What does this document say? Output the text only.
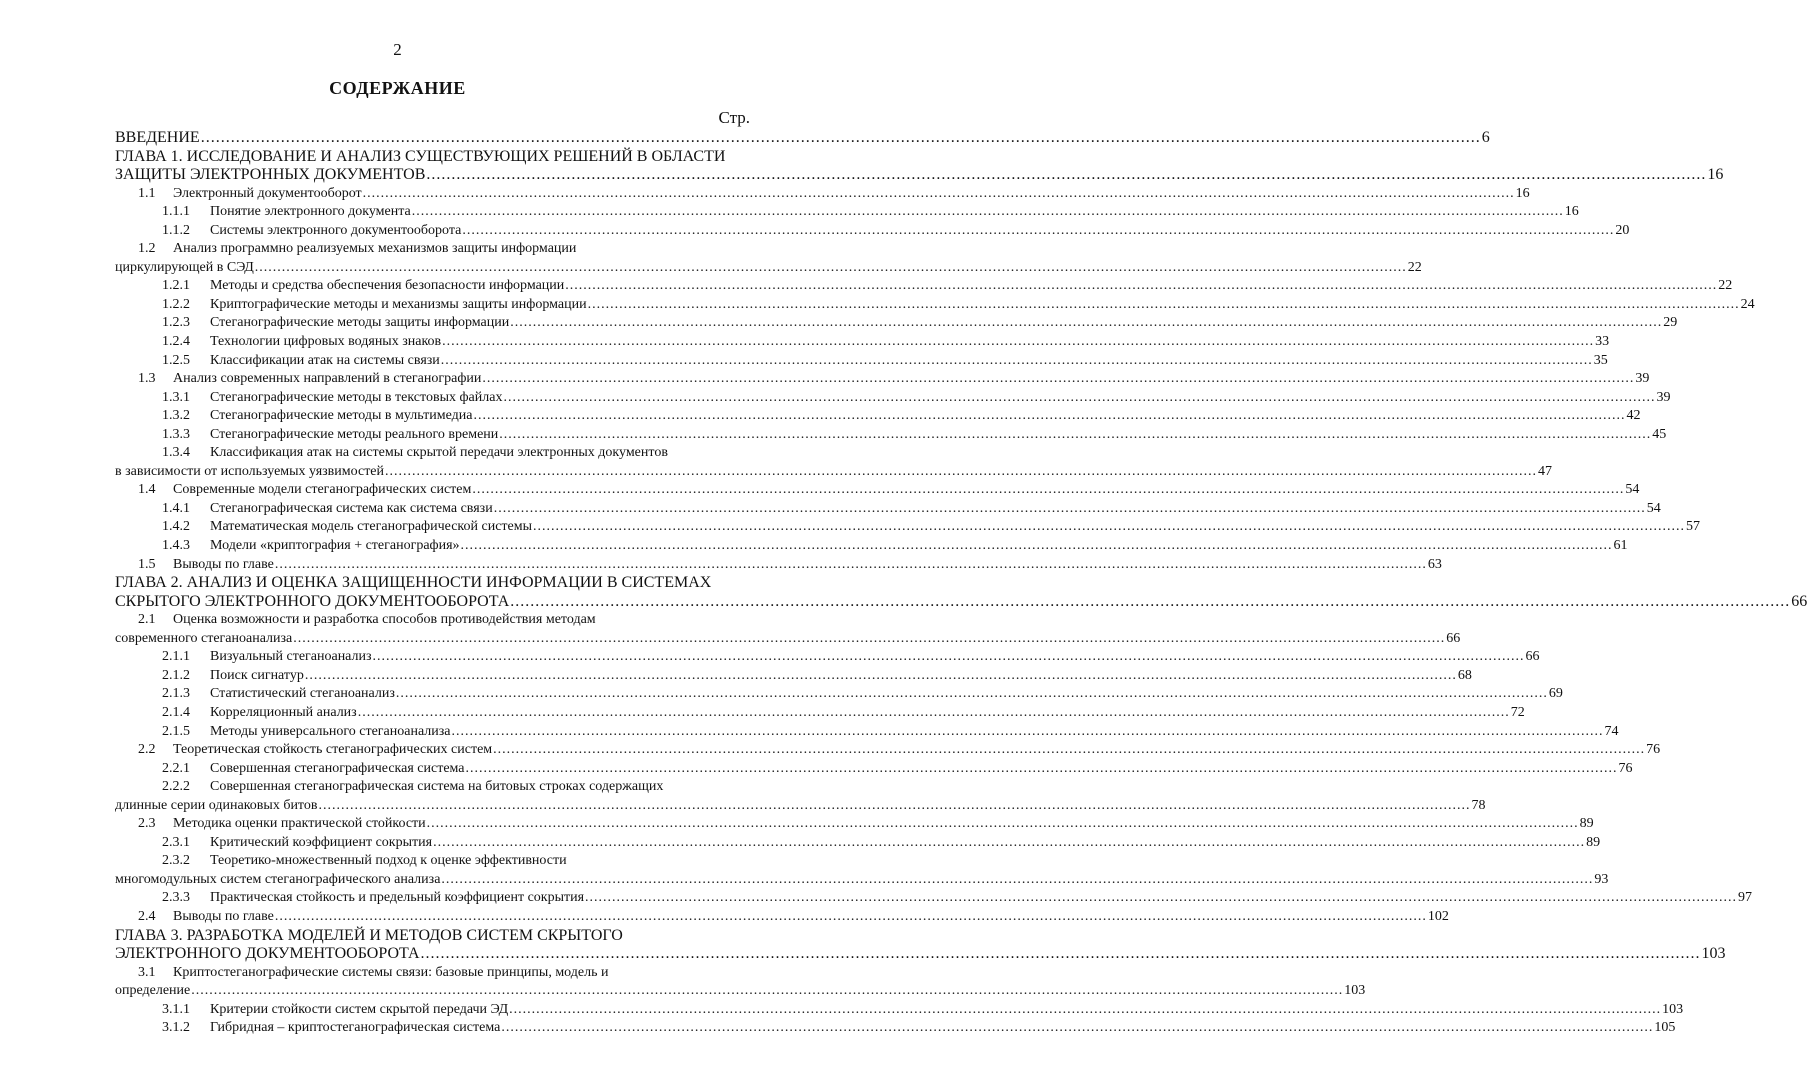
2
СОДЕРЖАНИЕ
Стр.
ВВЕДЕНИЕ .....	6
ГЛАВА 1. ИССЛЕДОВАНИЕ И АНАЛИЗ СУЩЕСТВУЮЩИХ РЕШЕНИЙ В ОБЛАСТИ
ЗАЩИТЫ ЭЛЕКТРОННЫХ ДОКУМЕНТОВ .....	16
1.1	Электронный документооборот .....	16
1.1.1	Понятие электронного документа .....	16
1.1.2	Системы электронного документооборота .....	20
1.2	Анализ программно реализуемых механизмов защиты информации
циркулирующей в СЭД .....	22
1.2.1	Методы и средства обеспечения безопасности информации .....	22
1.2.2	Криптографические методы и механизмы защиты информации .....	24
1.2.3	Стеганографические методы защиты информации .....	29
1.2.4	Технологии цифровых водяных знаков .....	33
1.2.5	Классификации атак на системы связи .....	35
1.3	Анализ современных направлений в стеганографии .....	39
1.3.1	Стеганографические методы в текстовых файлах .....	39
1.3.2	Стеганографические методы в мультимедиа .....	42
1.3.3	Стеганографические методы реального времени .....	45
1.3.4	Классификация атак на системы скрытой передачи электронных документов
в зависимости от используемых уязвимостей .....	47
1.4	Современные модели стеганографических систем .....	54
1.4.1	Стеганографическая система как система связи .....	54
1.4.2	Математическая модель стеганографической системы .....	57
1.4.3	Модели «криптография + стеганография» .....	61
1.5	Выводы по главе .....	63
ГЛАВА 2. АНАЛИЗ И ОЦЕНКА ЗАЩИЩЕННОСТИ ИНФОРМАЦИИ В СИСТЕМАХ
СКРЫТОГО ЭЛЕКТРОННОГО ДОКУМЕНТООБОРОТА .....	66
2.1	Оценка возможности и разработка способов противодействия методам
современного стеганоанализа .....	66
2.1.1	Визуальный стеганоанализ .....	66
2.1.2	Поиск сигнатур .....	68
2.1.3	Статистический стеганоанализ .....	69
2.1.4	Корреляционный анализ .....	72
2.1.5	Методы универсального стеганоанализа .....	74
2.2	Теоретическая стойкость стеганографических систем .....	76
2.2.1	Совершенная стеганографическая система .....	76
2.2.2	Совершенная стеганографическая система на битовых строках содержащих
длинные серии одинаковых битов .....	78
2.3	Методика оценки практической стойкости .....	89
2.3.1	Критический коэффициент сокрытия .....	89
2.3.2	Теоретико-множественный подход к оценке эффективности
многомодульных систем стеганографического анализа .....	93
2.3.3	Практическая стойкость и предельный коэффициент сокрытия .....	97
2.4	Выводы по главе .....	102
ГЛАВА 3. РАЗРАБОТКА МОДЕЛЕЙ И МЕТОДОВ СИСТЕМ СКРЫТОГО
ЭЛЕКТРОННОГО ДОКУМЕНТООБОРОТА .....	103
3.1	Криптостеганографические системы связи: базовые принципы, модель и
определение .....	103
3.1.1	Критерии стойкости систем скрытой передачи ЭД .....	103
3.1.2	Гибридная – криптостеганографическая система .....	105
